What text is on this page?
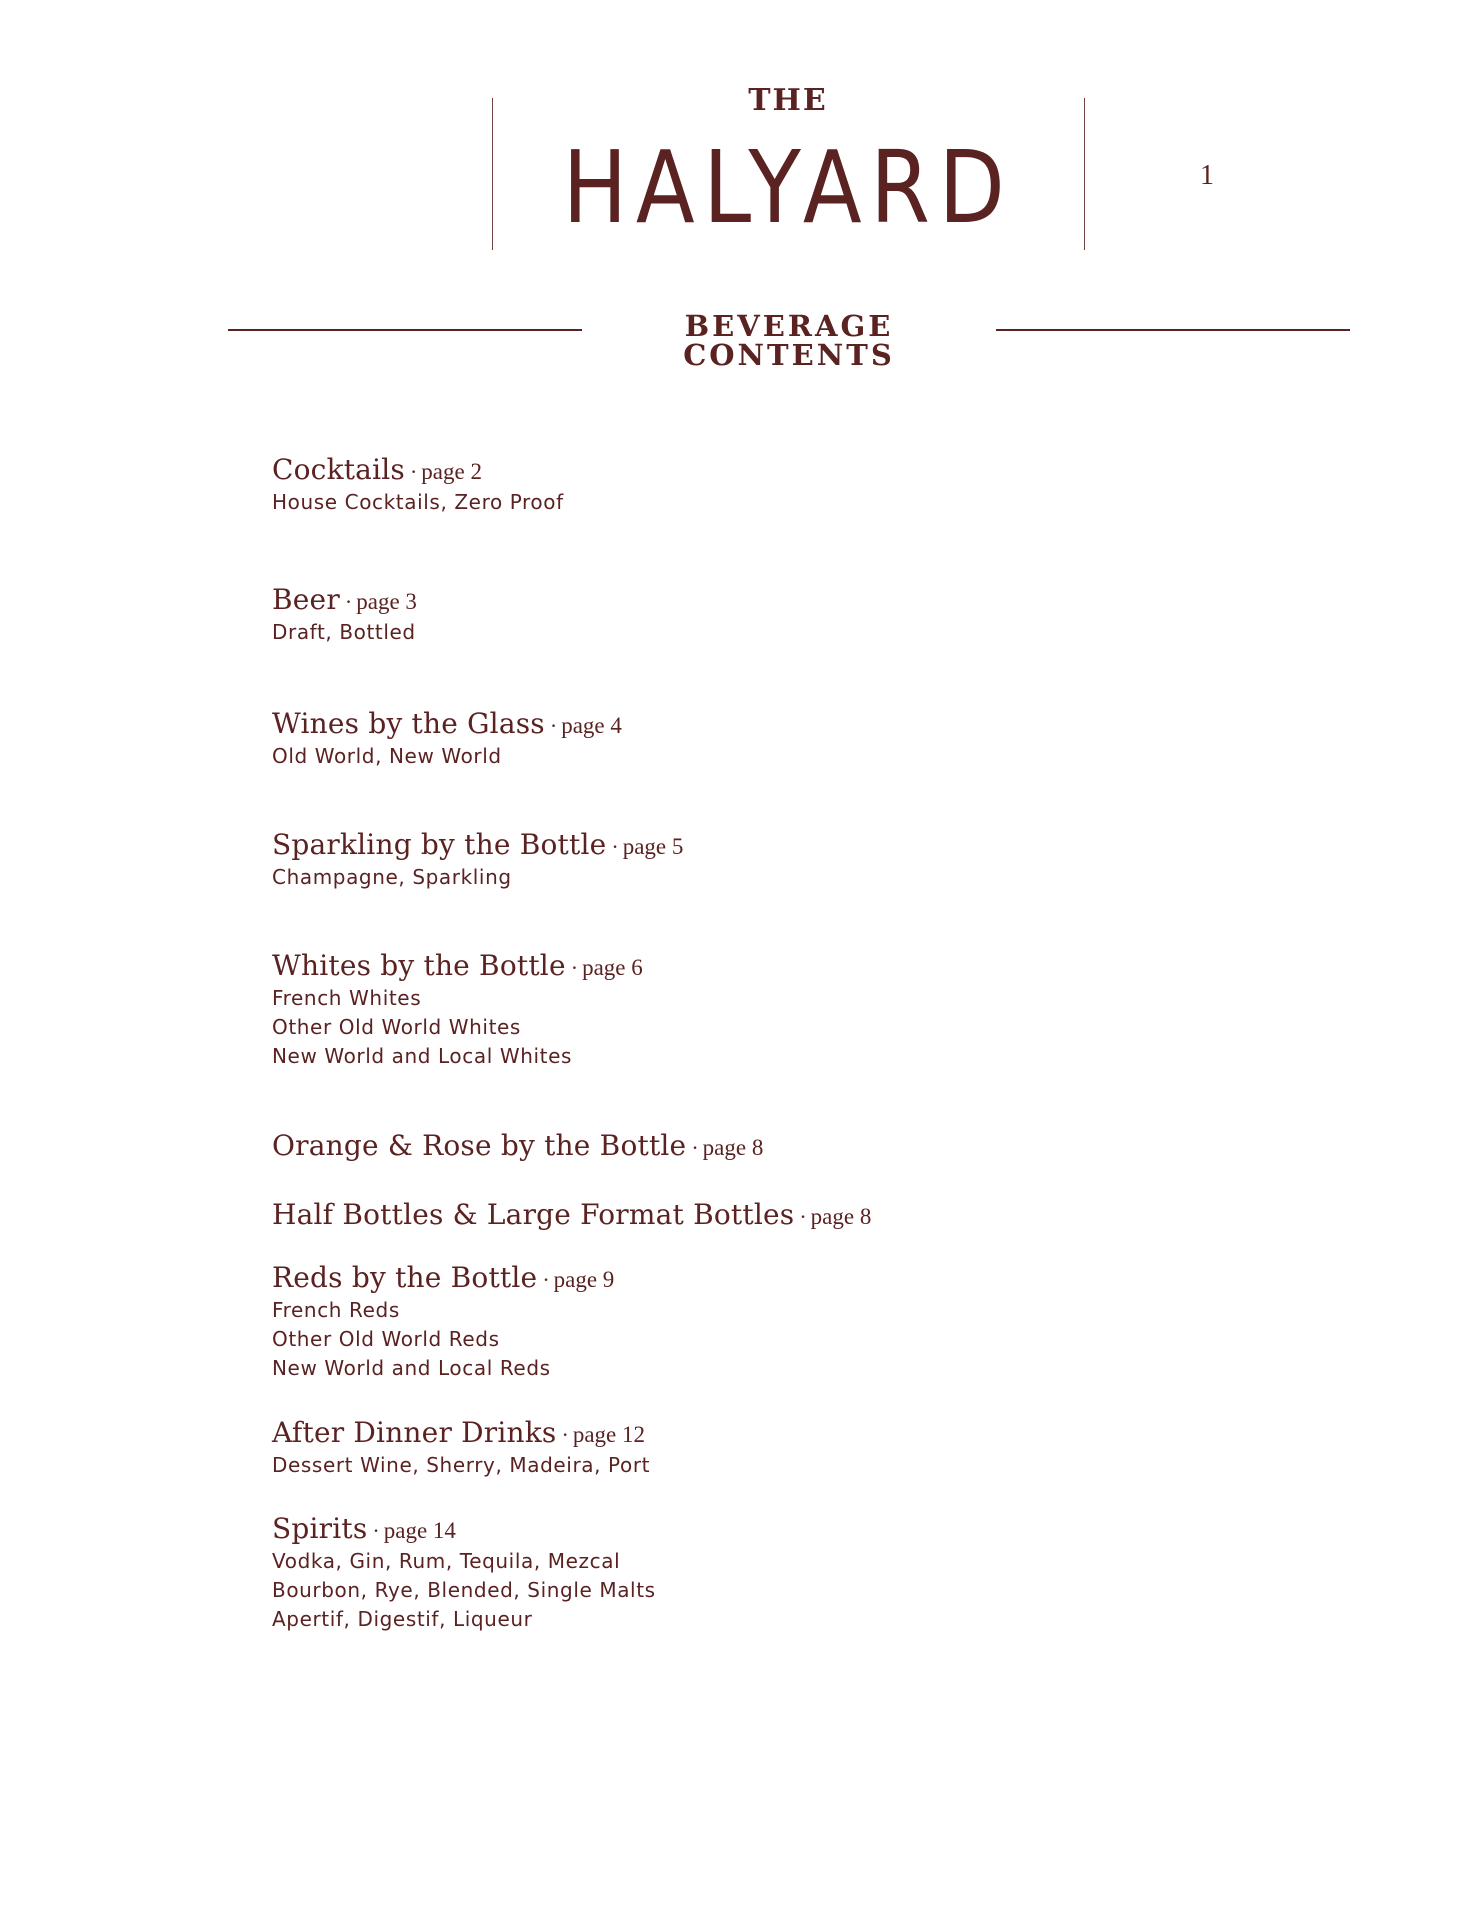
THE
HALYARD	1
BEVERAGE CONTENTS
Cocktails · page 2
House Cocktails, Zero Proof
Beer · page 3
Draft, Bottled
Wines by the Glass · page 4
Old World, New World
Sparkling by the Bottle · page 5
Champagne, Sparkling
Whites by the Bottle · page 6
French Whites
Other Old World Whites
New World and Local Whites
Orange & Rose by the Bottle · page 8
Half Bottles & Large Format Bottles · page 8
Reds by the Bottle · page 9
French Reds
Other Old World Reds
New World and Local Reds
After Dinner Drinks · page 12
Dessert Wine, Sherry, Madeira, Port
Spirits · page 14
Vodka, Gin, Rum, Tequila, Mezcal
Bourbon, Rye, Blended, Single Malts
Apertif, Digestif, Liqueur
